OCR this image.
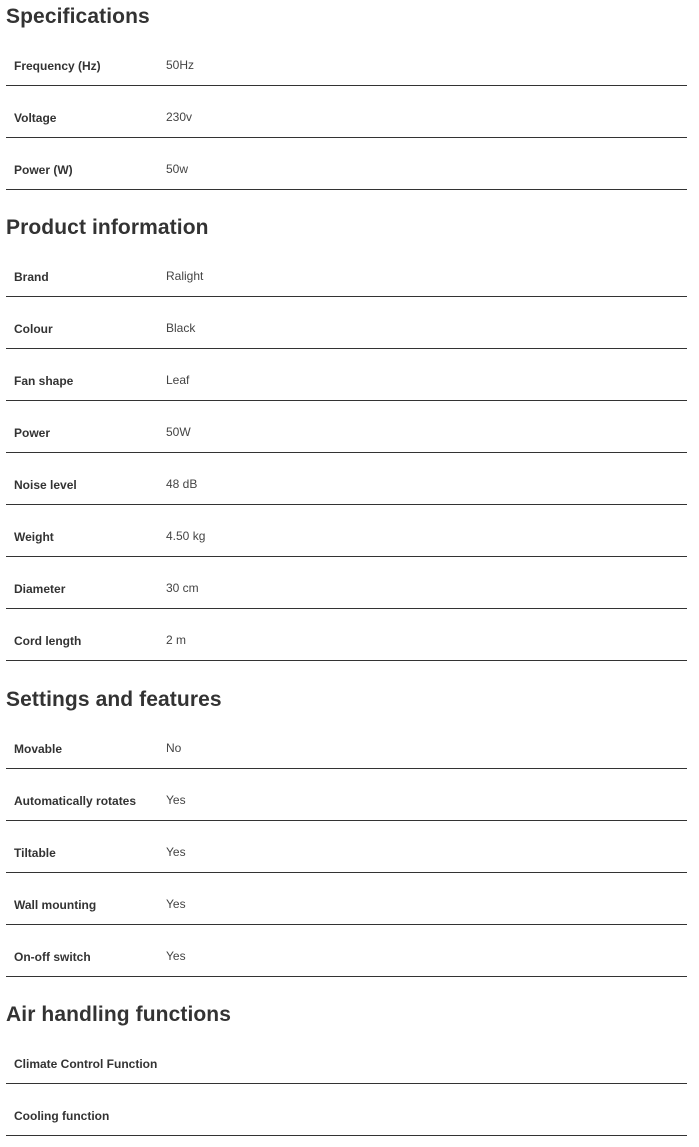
Specifications
Frequency (Hz)	50Hz
Voltage	230v
Power (W)	50w
Product information
Brand	Ralight
Colour	Black
Fan shape	Leaf
Power	50W
Noise level	48 dB
Weight	4.50 kg
Diameter	30 cm
Cord length	2 m
Settings and features
Movable	No
Automatically rotates	Yes
Tiltable	Yes
Wall mounting	Yes
On-off switch	Yes
Air handling functions
Climate Control Function
Cooling function
